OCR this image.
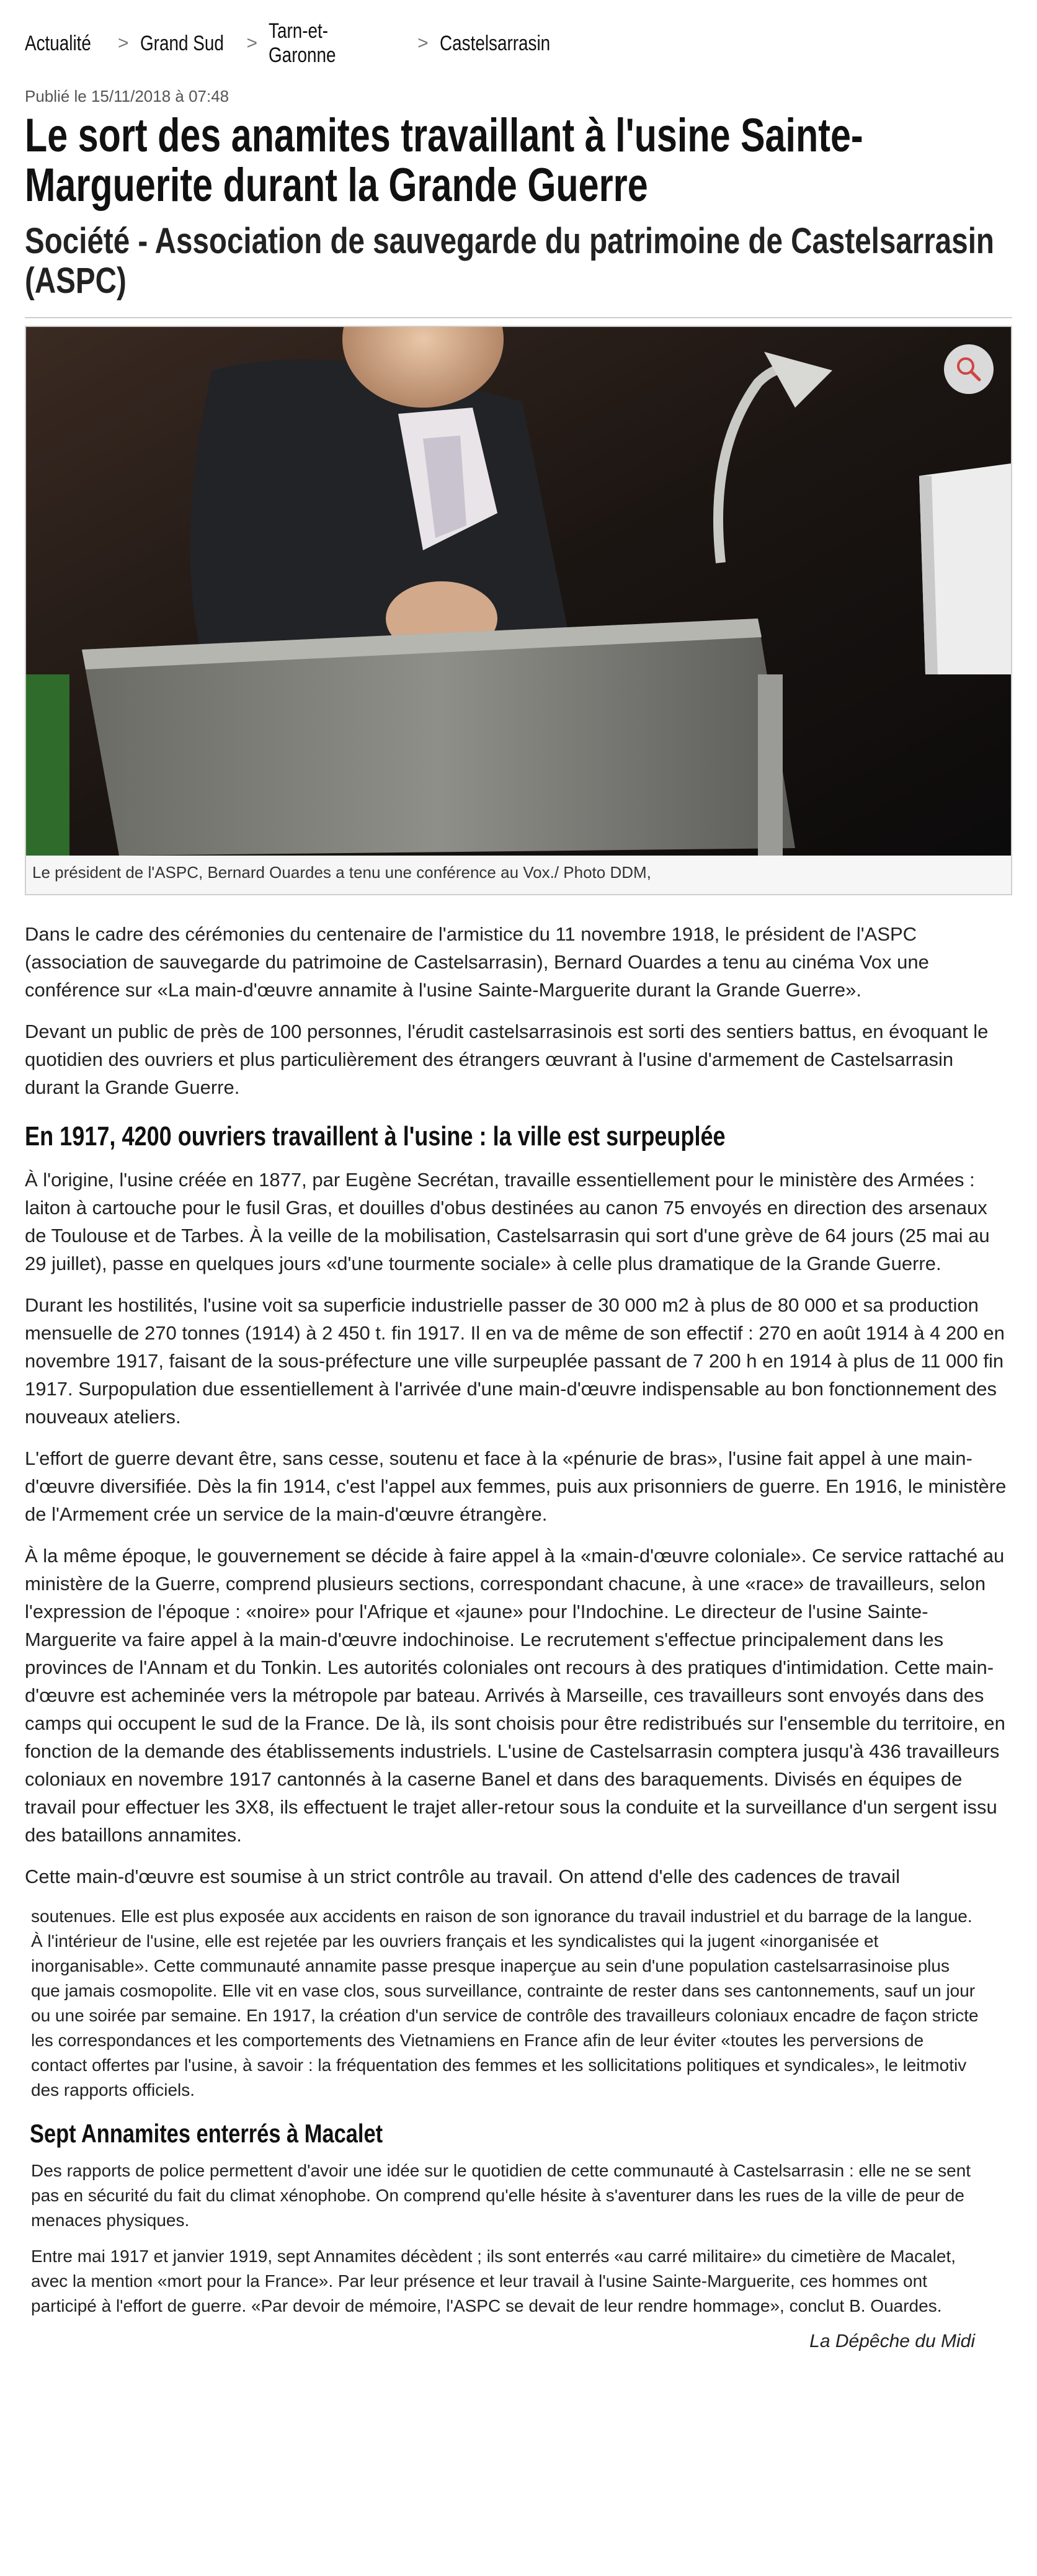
Actualité	> Grand Sud	>
Tarn-et-Garonne
> Castelsarrasin
Publié le 15/11/2018 à 07:48
Le sort des anamites travaillant à l'usine Sainte-
Marguerite durant la Grande Guerre
Société - Association de sauvegarde du patrimoine de Castelsarrasin
(ASPC)
Le président de l'ASPC, Bernard Ouardes a tenu une conférence au Vox./ Photo DDM,

Dans le cadre des cérémonies du centenaire de l'armistice du 11 novembre 1918, le président de l'ASPC (association de sauvegarde du patrimoine de Castelsarrasin), Bernard Ouardes a tenu au cinéma Vox une conférence sur «La main-d'œuvre annamite à l'usine Sainte-Marguerite durant la Grande Guerre».

Devant un public de près de 100 personnes, l'érudit castelsarrasinois est sorti des sentiers battus, en évoquant le quotidien des ouvriers et plus particulièrement des étrangers œuvrant à l'usine d'armement de Castelsarrasin durant la Grande Guerre.

En 1917, 4200 ouvriers travaillent à l'usine : la ville est surpeuplée

À l'origine, l'usine créée en 1877, par Eugène Secrétan, travaille essentiellement pour le ministère des Armées : laiton à cartouche pour le fusil Gras, et douilles d'obus destinées au canon 75 envoyés en direction des arsenaux de Toulouse et de Tarbes. À la veille de la mobilisation, Castelsarrasin qui sort d'une grève de 64 jours (25 mai au 29 juillet), passe en quelques jours «d'une tourmente sociale» à celle plus dramatique de la Grande Guerre.

Durant les hostilités, l'usine voit sa superficie industrielle passer de 30 000 m2 à plus de 80 000 et sa production mensuelle de 270 tonnes (1914) à 2 450 t. fin 1917. Il en va de même de son effectif : 270 en août 1914 à 4 200 en novembre 1917, faisant de la sous-préfecture une ville surpeuplée passant de 7 200 h en 1914 à plus de 11 000 fin 1917. Surpopulation due essentiellement à l'arrivée d'une main-d'œuvre indispensable au bon fonctionnement des nouveaux ateliers.

L'effort de guerre devant être, sans cesse, soutenu et face à la «pénurie de bras», l'usine fait appel à une main-d'œuvre diversifiée. Dès la fin 1914, c'est l'appel aux femmes, puis aux prisonniers de guerre. En 1916, le ministère de l'Armement crée un service de la main-d'œuvre étrangère.

À la même époque, le gouvernement se décide à faire appel à la «main-d'œuvre coloniale». Ce service rattaché au ministère de la Guerre, comprend plusieurs sections, correspondant chacune, à une «race» de travailleurs, selon l'expression de l'époque : «noire» pour l'Afrique et «jaune» pour l'Indochine. Le directeur de l'usine Sainte-Marguerite va faire appel à la main-d'œuvre indochinoise. Le recrutement s'effectue principalement dans les provinces de l'Annam et du Tonkin. Les autorités coloniales ont recours à des pratiques d'intimidation. Cette main-d'œuvre est acheminée vers la métropole par bateau. Arrivés à Marseille, ces travailleurs sont envoyés dans des camps qui occupent le sud de la France. De là, ils sont choisis pour être redistribués sur l'ensemble du territoire, en fonction de la demande des établissements industriels. L'usine de Castelsarrasin comptera jusqu'à 436 travailleurs coloniaux en novembre 1917 cantonnés à la caserne Banel et dans des baraquements. Divisés en équipes de travail pour effectuer les 3X8, ils effectuent le trajet aller-retour sous la conduite et la surveillance d'un sergent issu des bataillons annamites.

Cette main-d'œuvre est soumise à un strict contrôle au travail. On attend d'elle des cadences de travail

soutenues. Elle est plus exposée aux accidents en raison de son ignorance du travail industriel et du barrage de la langue. À l'intérieur de l'usine, elle est rejetée par les ouvriers français et les syndicalistes qui la jugent «inorganisée et inorganisable». Cette communauté annamite passe presque inaperçue au sein d'une population castelsarrasinoise plus que jamais cosmopolite. Elle vit en vase clos, sous surveillance, contrainte de rester dans ses cantonnements, sauf un jour ou une soirée par semaine. En 1917, la création d'un service de contrôle des travailleurs coloniaux encadre de façon stricte les correspondances et les comportements des Vietnamiens en France afin de leur éviter «toutes les perversions de contact offertes par l'usine, à savoir : la fréquentation des femmes et les sollicitations politiques et syndicales», le leitmotiv des rapports officiels.

Sept Annamites enterrés à Macalet

Des rapports de police permettent d'avoir une idée sur le quotidien de cette communauté à Castelsarrasin : elle ne se sent pas en sécurité du fait du climat xénophobe. On comprend qu'elle hésite à s'aventurer dans les rues de la ville de peur de menaces physiques.

Entre mai 1917 et janvier 1919, sept Annamites décèdent ; ils sont enterrés «au carré militaire» du cimetière de Macalet, avec la mention «mort pour la France». Par leur présence et leur travail à l'usine Sainte-Marguerite, ces hommes ont participé à l'effort de guerre. «Par devoir de mémoire, l'ASPC se devait de leur rendre hommage», conclut B. Ouardes.

La Dépêche du Midi
